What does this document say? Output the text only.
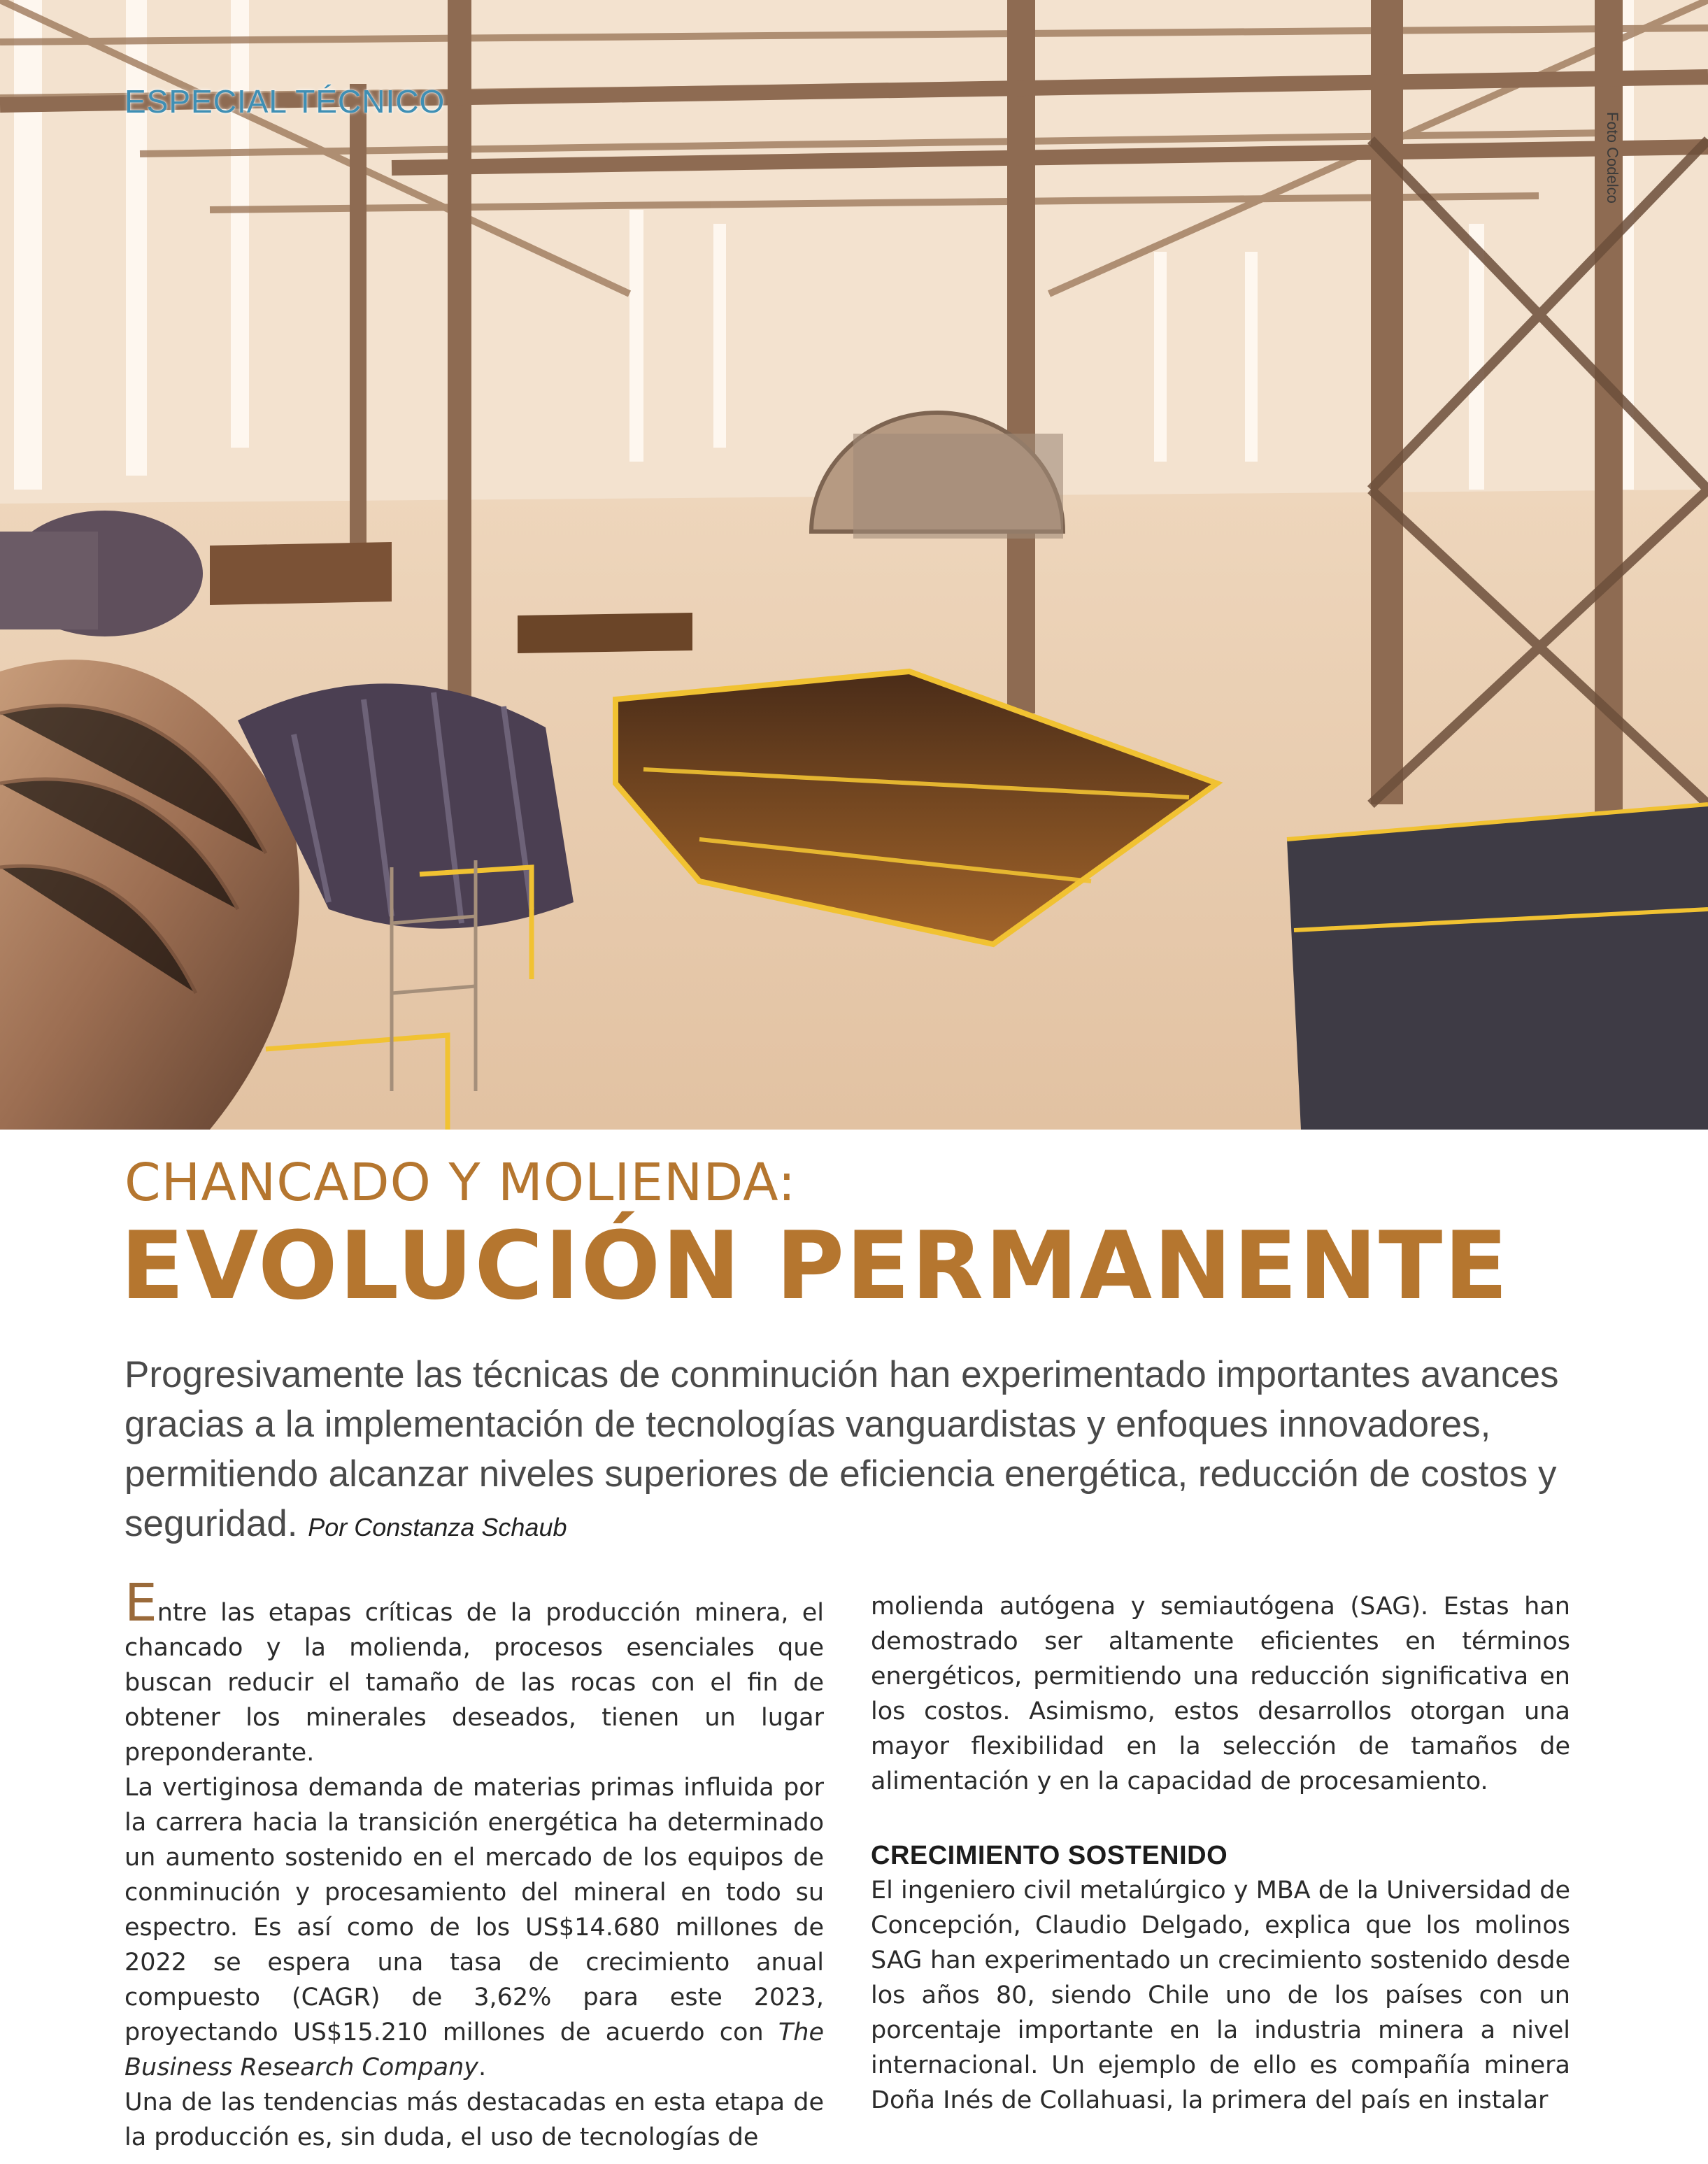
ESPECIAL TÉCNICO
Foto Codelco
CHANCADO Y MOLIENDA:
EVOLUCIÓN PERMANENTE
Progresivamente las técnicas de conminución han experimentado importantes avances gracias a la implementación de tecnologías vanguardistas y enfoques innovadores, permitiendo alcanzar niveles superiores de eficiencia energética, reducción de costos y seguridad. Por Constanza Schaub

Entre las etapas críticas de la producción minera, el chancado y la molienda, procesos esenciales que buscan reducir el tamaño de las rocas con el fin de obtener los minerales deseados, tienen un lugar preponderante.

La vertiginosa demanda de materias primas influida por la carrera hacia la transición energética ha determinado un aumento sostenido en el mercado de los equipos de conminución y procesamiento del mineral en todo su espectro. Es así como de los US$14.680 millones de 2022 se espera una tasa de crecimiento anual compuesto (CAGR) de 3,62% para este 2023, proyectando US$15.210 millones de acuerdo con The Business Research Company.

Una de las tendencias más destacadas en esta etapa de la producción es, sin duda, el uso de tecnologías de

molienda autógena y semiautógena (SAG). Estas han demostrado ser altamente eficientes en términos energéticos, permitiendo una reducción significativa en los costos. Asimismo, estos desarrollos otorgan una mayor flexibilidad en la selección de tamaños de alimentación y en la capacidad de procesamiento.

CRECIMIENTO SOSTENIDO

El ingeniero civil metalúrgico y MBA de la Universidad de Concepción, Claudio Delgado, explica que los molinos SAG han experimentado un crecimiento sostenido desde los años 80, siendo Chile uno de los países con un porcentaje importante en la industria minera a nivel internacional. Un ejemplo de ello es compañía minera Doña Inés de Collahuasi, la primera del país en instalar
